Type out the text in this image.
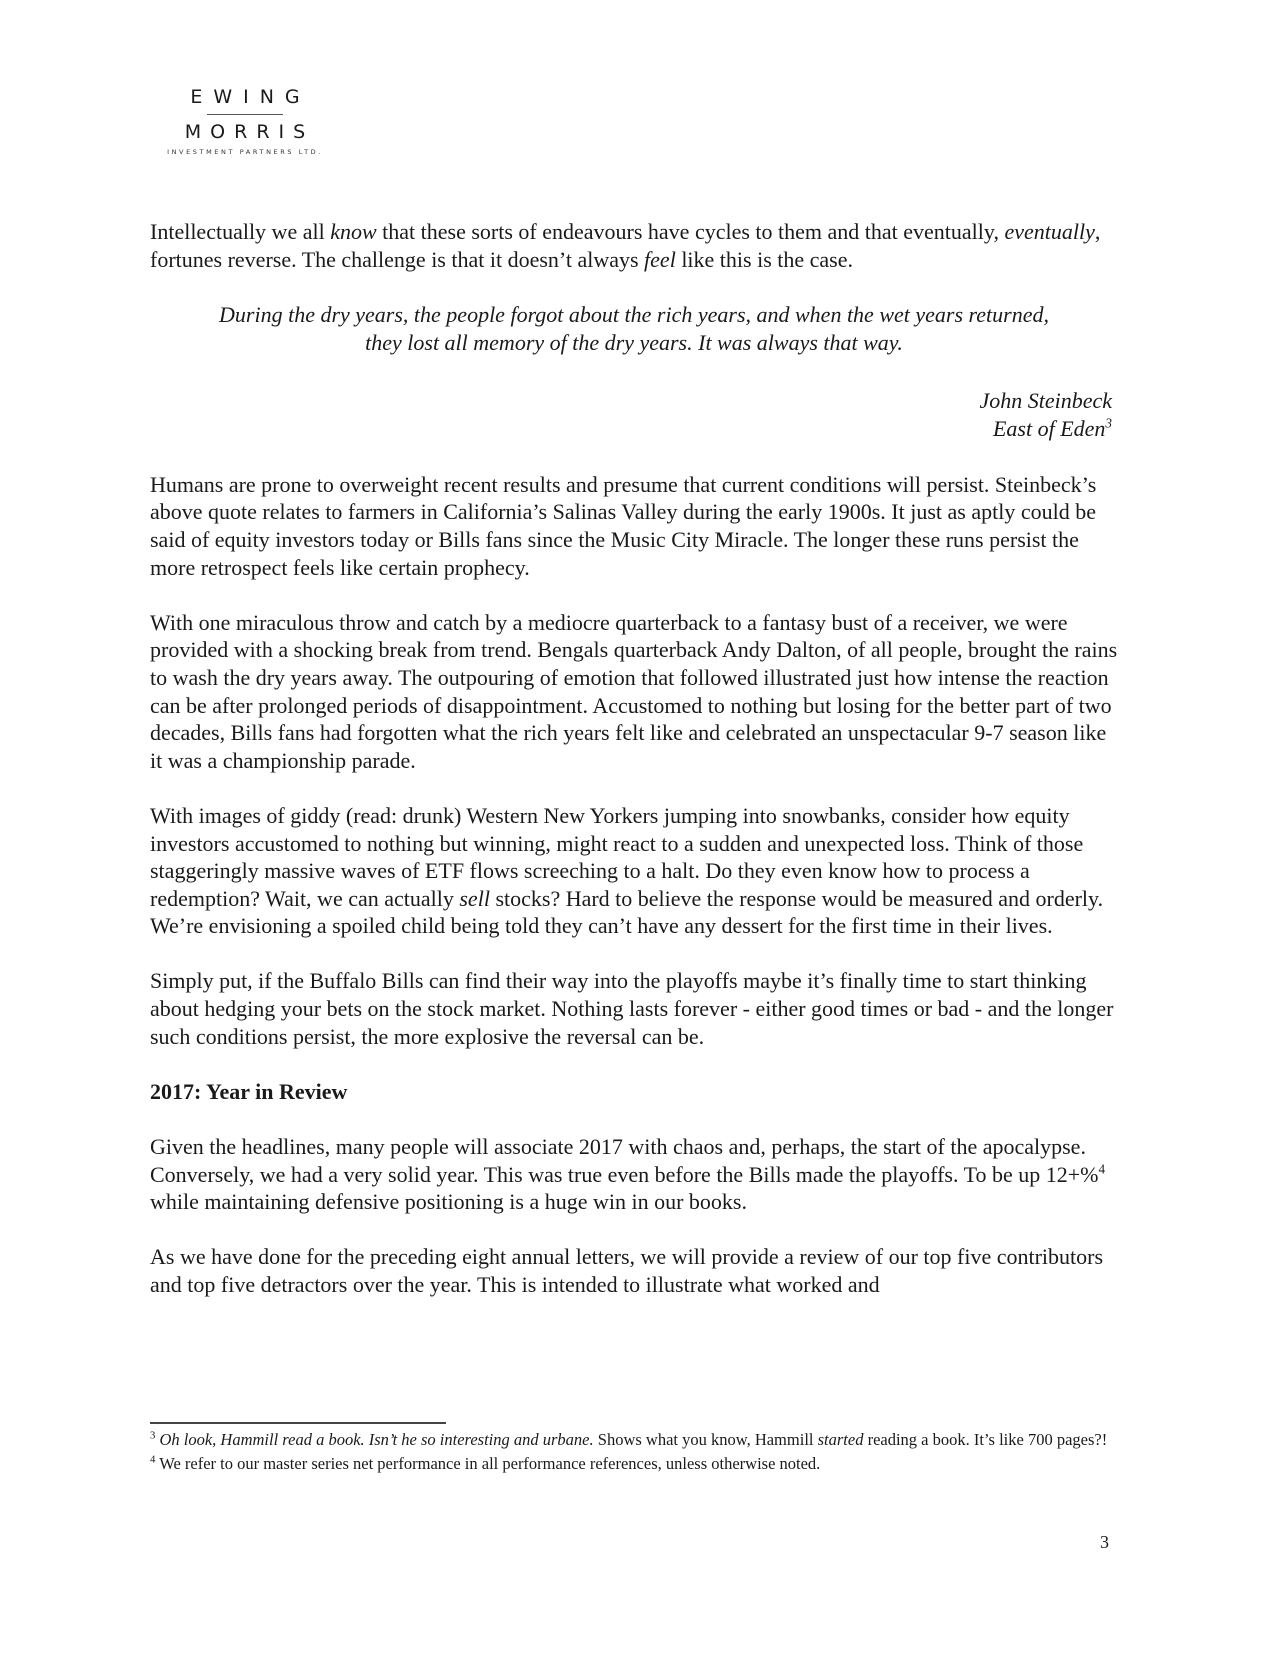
EWING
MORRIS
INVESTMENT PARTNERS LTD.

Intellectually we all know that these sorts of endeavours have cycles to them and that eventually, eventually, fortunes reverse. The challenge is that it doesn’t always feel like this is the case.

During the dry years, the people forgot about the rich years, and when the wet years returned,
they lost all memory of the dry years. It was always that way.
John Steinbeck
East of Eden$^3$

Humans are prone to overweight recent results and presume that current conditions will persist. Steinbeck’s above quote relates to farmers in California’s Salinas Valley during the early 1900s. It just as aptly could be said of equity investors today or Bills fans since the Music City Miracle. The longer these runs persist the more retrospect feels like certain prophecy.

With one miraculous throw and catch by a mediocre quarterback to a fantasy bust of a receiver, we were provided with a shocking break from trend. Bengals quarterback Andy Dalton, of all people, brought the rains to wash the dry years away. The outpouring of emotion that followed illustrated just how intense the reaction can be after prolonged periods of disappointment. Accustomed to nothing but losing for the better part of two decades, Bills fans had forgotten what the rich years felt like and celebrated an unspectacular 9-7 season like it was a championship parade.

With images of giddy (read: drunk) Western New Yorkers jumping into snowbanks, consider how equity investors accustomed to nothing but winning, might react to a sudden and unexpected loss. Think of those staggeringly massive waves of ETF flows screeching to a halt. Do they even know how to process a redemption? Wait, we can actually sell stocks? Hard to believe the response would be measured and orderly. We’re envisioning a spoiled child being told they can’t have any dessert for the first time in their lives.

Simply put, if the Buffalo Bills can find their way into the playoffs maybe it’s finally time to start thinking about hedging your bets on the stock market. Nothing lasts forever - either good times or bad - and the longer such conditions persist, the more explosive the reversal can be.

2017: Year in Review

Given the headlines, many people will associate 2017 with chaos and, perhaps, the start of the apocalypse. Conversely, we had a very solid year. This was true even before the Bills made the playoffs. To be up 12+%$^4$ while maintaining defensive positioning is a huge win in our books.

As we have done for the preceding eight annual letters, we will provide a review of our top five contributors and top five detractors over the year. This is intended to illustrate what worked and

$^3$ Oh look, Hammill read a book. Isn’t he so interesting and urbane. Shows what you know, Hammill started reading a book. It’s like 700 pages?!
$^4$ We refer to our master series net performance in all performance references, unless otherwise noted.
3
